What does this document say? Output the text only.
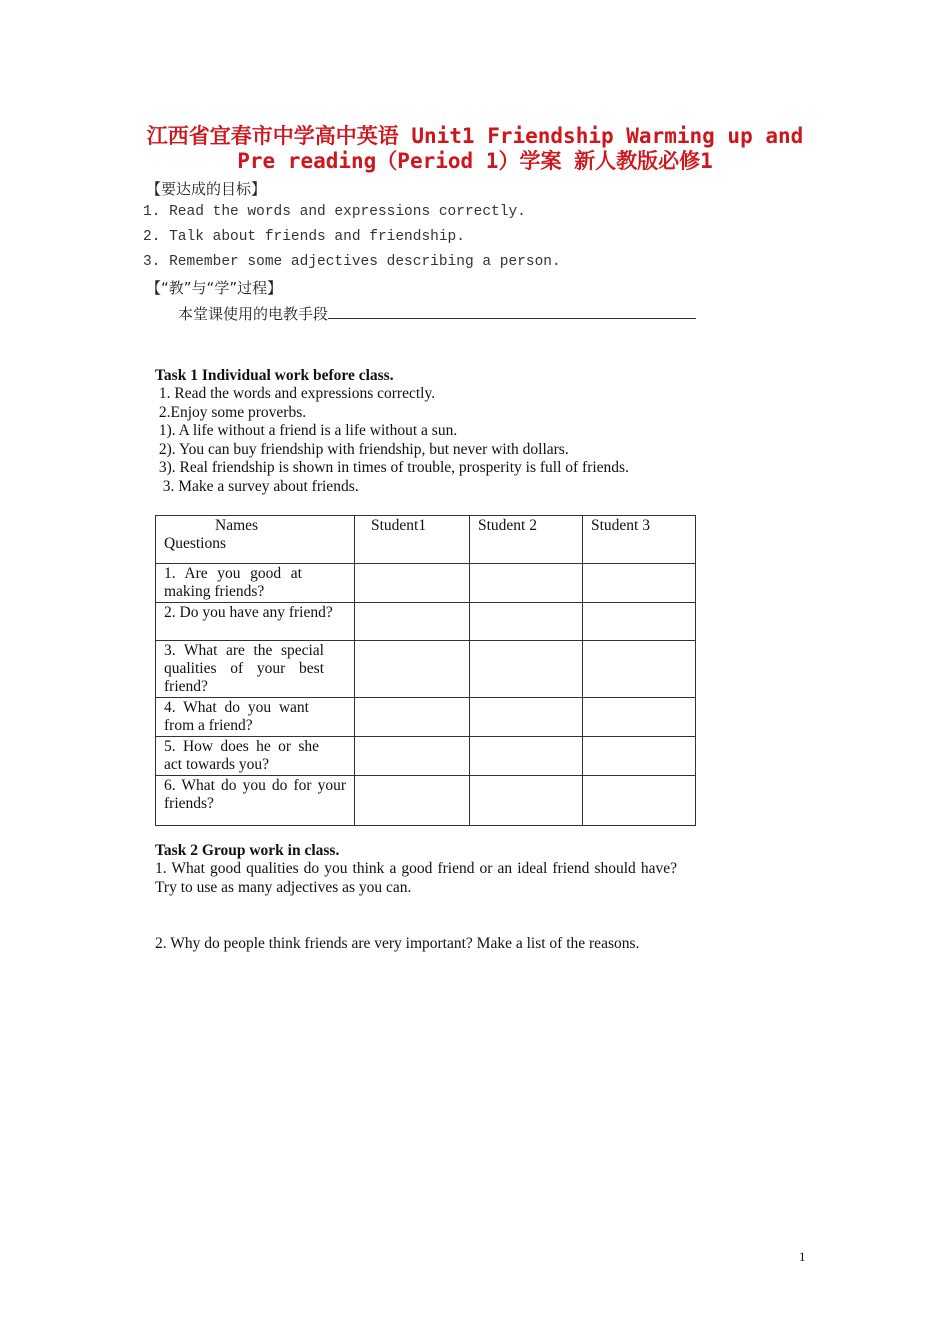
江西省宜春市中学高中英语 Unit1 Friendship Warming up and
Pre reading（Period 1）学案 新人教版必修1
【要达成的目标】
1. Read the words and expressions correctly.
2. Talk about friends and friendship.
3. Remember some adjectives describing a person.
【“教”与“学”过程】
本堂课使用的电教手段
Task 1 Individual work before class.
1. Read the words and expressions correctly.
2.Enjoy some proverbs.
1). A life without a friend is a life without a sun.
2). You can buy friendship with friendship, but never with dollars.
3). Real friendship is shown in times of trouble, prosperity is full of friends.
3. Make a survey about friends.
Names
Questions	Student1	Student 2	Student 3

1. Are you good at making friends?			

2. Do you have any friend?			

3. What are the special qualities of your best friend?			

4. What do you want from a friend?			

5. How does he or she act towards you?			

6. What do you do for your friends?			

Task 2 Group work in class.
1. What good qualities do you think a good friend or an ideal friend should have? Try to use as many adjectives as you can.
2. Why do people think friends are very important? Make a list of the reasons.
1
